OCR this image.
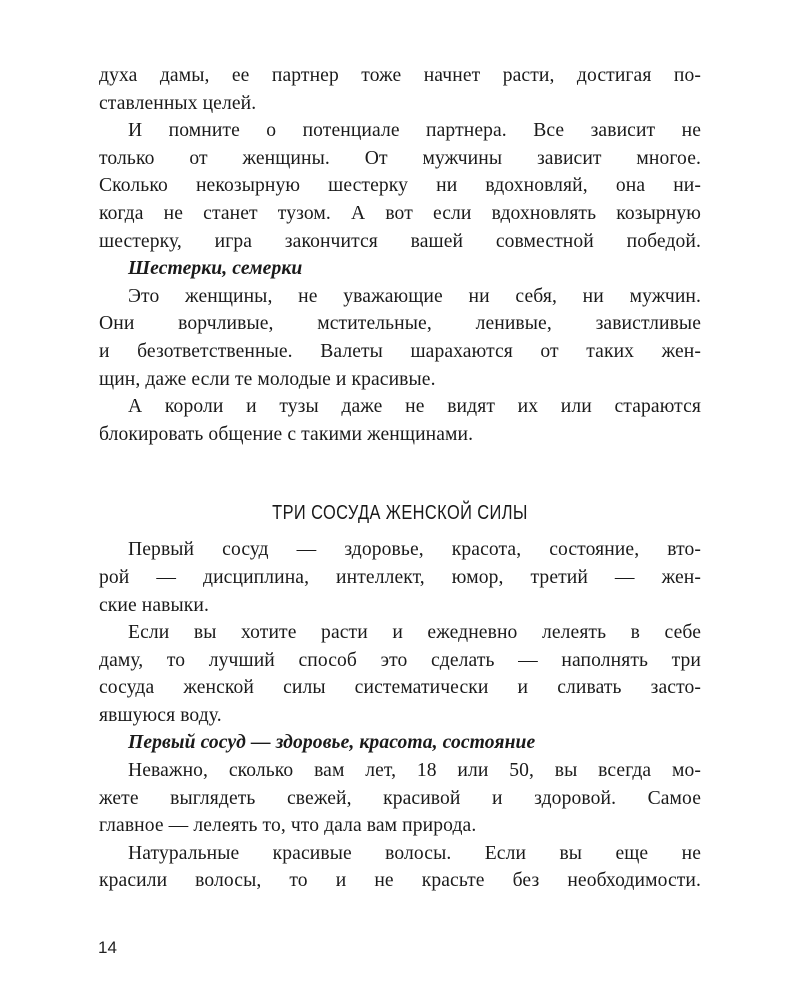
духа дамы, ее партнер тоже начнет расти, достигая по-
ставленных целей.
И помните о потенциале партнера. Все зависит не
только от женщины. От мужчины зависит многое.
Сколько некозырную шестерку ни вдохновляй, она ни-
когда не станет тузом. А вот если вдохновлять козырную
шестерку, игра закончится вашей совместной победой.
Шестерки, семерки
Это женщины, не уважающие ни себя, ни мужчин.
Они ворчливые, мстительные, ленивые, завистливые
и безответственные. Валеты шарахаются от таких жен-
щин, даже если те молодые и красивые.
А короли и тузы даже не видят их или стараются
блокировать общение с такими женщинами.
ТРИ СОСУДА ЖЕНСКОЙ СИЛЫ
Первый сосуд — здоровье, красота, состояние, вто-
рой — дисциплина, интеллект, юмор, третий — жен-
ские навыки.
Если вы хотите расти и ежедневно лелеять в себе
даму, то лучший способ это сделать — наполнять три
сосуда женской силы систематически и сливать засто-
явшуюся воду.
Первый сосуд — здоровье, красота, состояние
Неважно, сколько вам лет, 18 или 50, вы всегда мо-
жете выглядеть свежей, красивой и здоровой. Самое
главное — лелеять то, что дала вам природа.
Натуральные красивые волосы. Если вы еще не
красили волосы, то и не красьте без необходимости.
14
